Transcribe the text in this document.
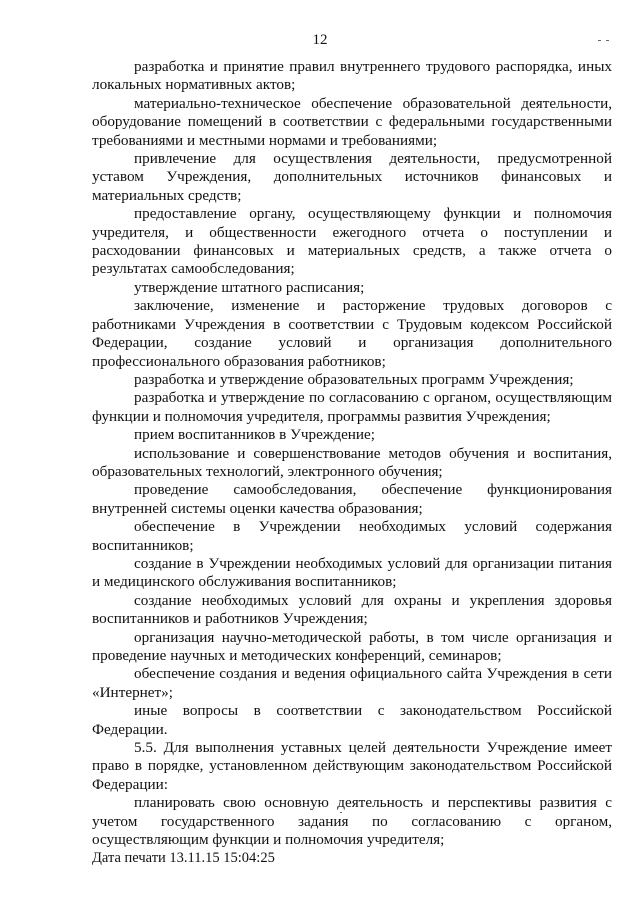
12

разработка и принятие правил внутреннего трудового распорядка, иных локальных нормативных актов;

материально-техническое обеспечение образовательной деятельности, оборудование помещений в соответствии с федеральными государственными требованиями и местными нормами и требованиями;

привлечение для осуществления деятельности, предусмотренной уставом Учреждения, дополнительных источников финансовых и материальных средств;

предоставление органу, осуществляющему функции и полномочия учредителя, и общественности ежегодного отчета о поступлении и расходовании финансовых и материальных средств, а также отчета о результатах самообследования;

утверждение штатного расписания;

заключение, изменение и расторжение трудовых договоров с работниками Учреждения в соответствии с Трудовым кодексом Российской Федерации, создание условий и организация дополнительного профессионального образования работников;

разработка и утверждение образовательных программ Учреждения;

разработка и утверждение по согласованию с органом, осуществляющим функции и полномочия учредителя, программы развития Учреждения;

прием воспитанников в Учреждение;

использование и совершенствование методов обучения и воспитания, образовательных технологий, электронного обучения;

проведение самообследования, обеспечение функционирования внутренней системы оценки качества образования;

обеспечение в Учреждении необходимых условий содержания воспитанников;

создание в Учреждении необходимых условий для организации питания и медицинского обслуживания воспитанников;

создание необходимых условий для охраны и укрепления здоровья воспитанников и работников Учреждения;

организация научно-методической работы, в том числе организация и проведение научных и методических конференций, семинаров;

обеспечение создания и ведения официального сайта Учреждения в сети «Интернет»;

иные вопросы в соответствии с законодательством Российской Федерации.

5.5. Для выполнения уставных целей деятельности Учреждение имеет право в порядке, установленном действующим законодательством Российской Федерации:

планировать свою основную деятельность и перспективы развития с учетом государственного задания по согласованию с органом, осуществляющим функции и полномочия учредителя;

Дата печати 13.11.15 15:04:25
